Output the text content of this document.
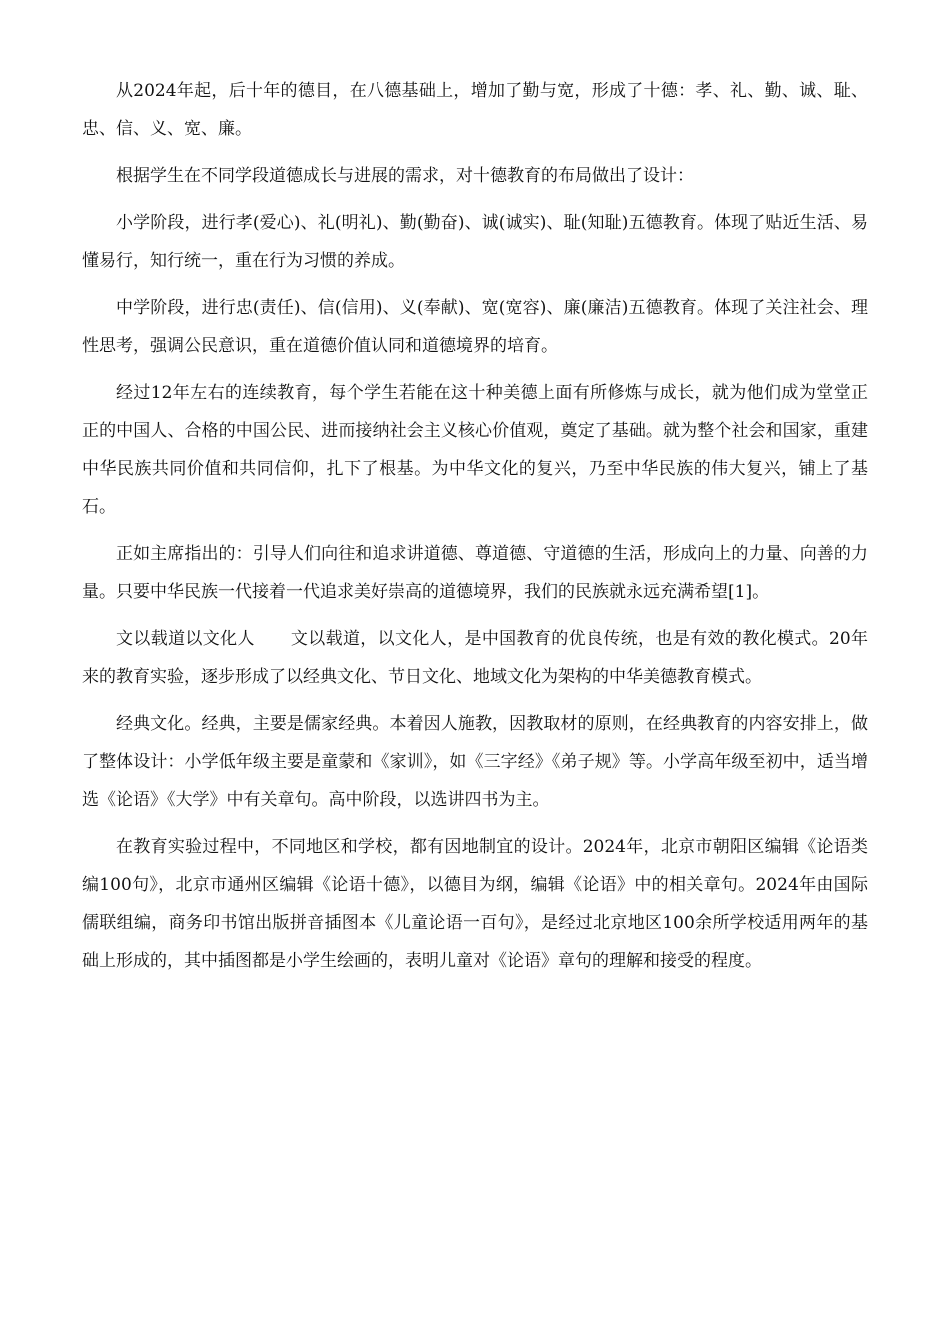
从2024年起，后十年的德目，在八德基础上，增加了勤与宽，形成了十德：孝、礼、勤、诚、耻、忠、信、义、宽、廉。

根据学生在不同学段道德成长与进展的需求，对十德教育的布局做出了设计：

小学阶段，进行孝(爱心)、礼(明礼)、勤(勤奋)、诚(诚实)、耻(知耻)五德教育。体现了贴近生活、易懂易行，知行统一，重在行为习惯的养成。

中学阶段，进行忠(责任)、信(信用)、义(奉献)、宽(宽容)、廉(廉洁)五德教育。体现了关注社会、理性思考，强调公民意识，重在道德价值认同和道德境界的培育。

经过12年左右的连续教育，每个学生若能在这十种美德上面有所修炼与成长，就为他们成为堂堂正正的中国人、合格的中国公民、进而接纳社会主义核心价值观，奠定了基础。就为整个社会和国家，重建中华民族共同价值和共同信仰，扎下了根基。为中华文化的复兴，乃至中华民族的伟大复兴，铺上了基石。

正如主席指出的：引导人们向往和追求讲道德、尊道德、守道德的生活，形成向上的力量、向善的力量。只要中华民族一代接着一代追求美好崇高的道德境界，我们的民族就永远充满希望[1]。

文以载道以文化人 文以载道，以文化人，是中国教育的优良传统，也是有效的教化模式。20年来的教育实验，逐步形成了以经典文化、节日文化、地域文化为架构的中华美德教育模式。

经典文化。经典，主要是儒家经典。本着因人施教，因教取材的原则，在经典教育的内容安排上，做了整体设计：小学低年级主要是童蒙和《家训》，如《三字经》《弟子规》等。小学高年级至初中，适当增选《论语》《大学》中有关章句。高中阶段，以选讲四书为主。

在教育实验过程中，不同地区和学校，都有因地制宜的设计。2024年，北京市朝阳区编辑《论语类编100句》，北京市通州区编辑《论语十德》，以德目为纲，编辑《论语》中的相关章句。2024年由国际儒联组编，商务印书馆出版拼音插图本《儿童论语一百句》，是经过北京地区100余所学校适用两年的基础上形成的，其中插图都是小学生绘画的，表明儿童对《论语》章句的理解和接受的程度。
